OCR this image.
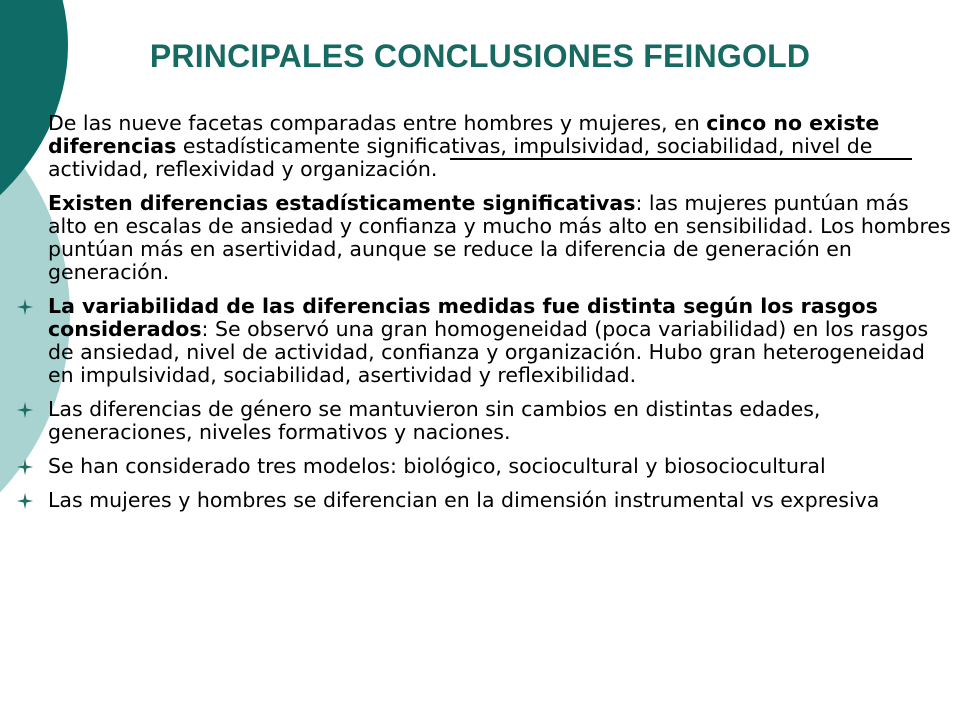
PRINCIPALES CONCLUSIONES FEINGOLD
De las nueve facetas comparadas entre hombres y mujeres, en cinco no existe diferencias estadísticamente significativas, impulsividad, sociabilidad, nivel de actividad, reflexividad y organización.
Existen diferencias estadísticamente significativas: las mujeres puntúan más alto en escalas de ansiedad y confianza y mucho más alto en sensibilidad. Los hombres puntúan más en asertividad, aunque se reduce la diferencia de generación en generación.
La variabilidad de las diferencias medidas fue distinta según los rasgos considerados: Se observó una gran homogeneidad (poca variabilidad) en los rasgos de ansiedad, nivel de actividad, confianza y organización. Hubo gran heterogeneidad en impulsividad, sociabilidad, asertividad y reflexibilidad.
Las diferencias de género se mantuvieron sin cambios en distintas edades, generaciones, niveles formativos y naciones.
Se han considerado tres modelos: biológico, sociocultural y biosociocultural
Las mujeres y hombres se diferencian en la dimensión instrumental vs expresiva
